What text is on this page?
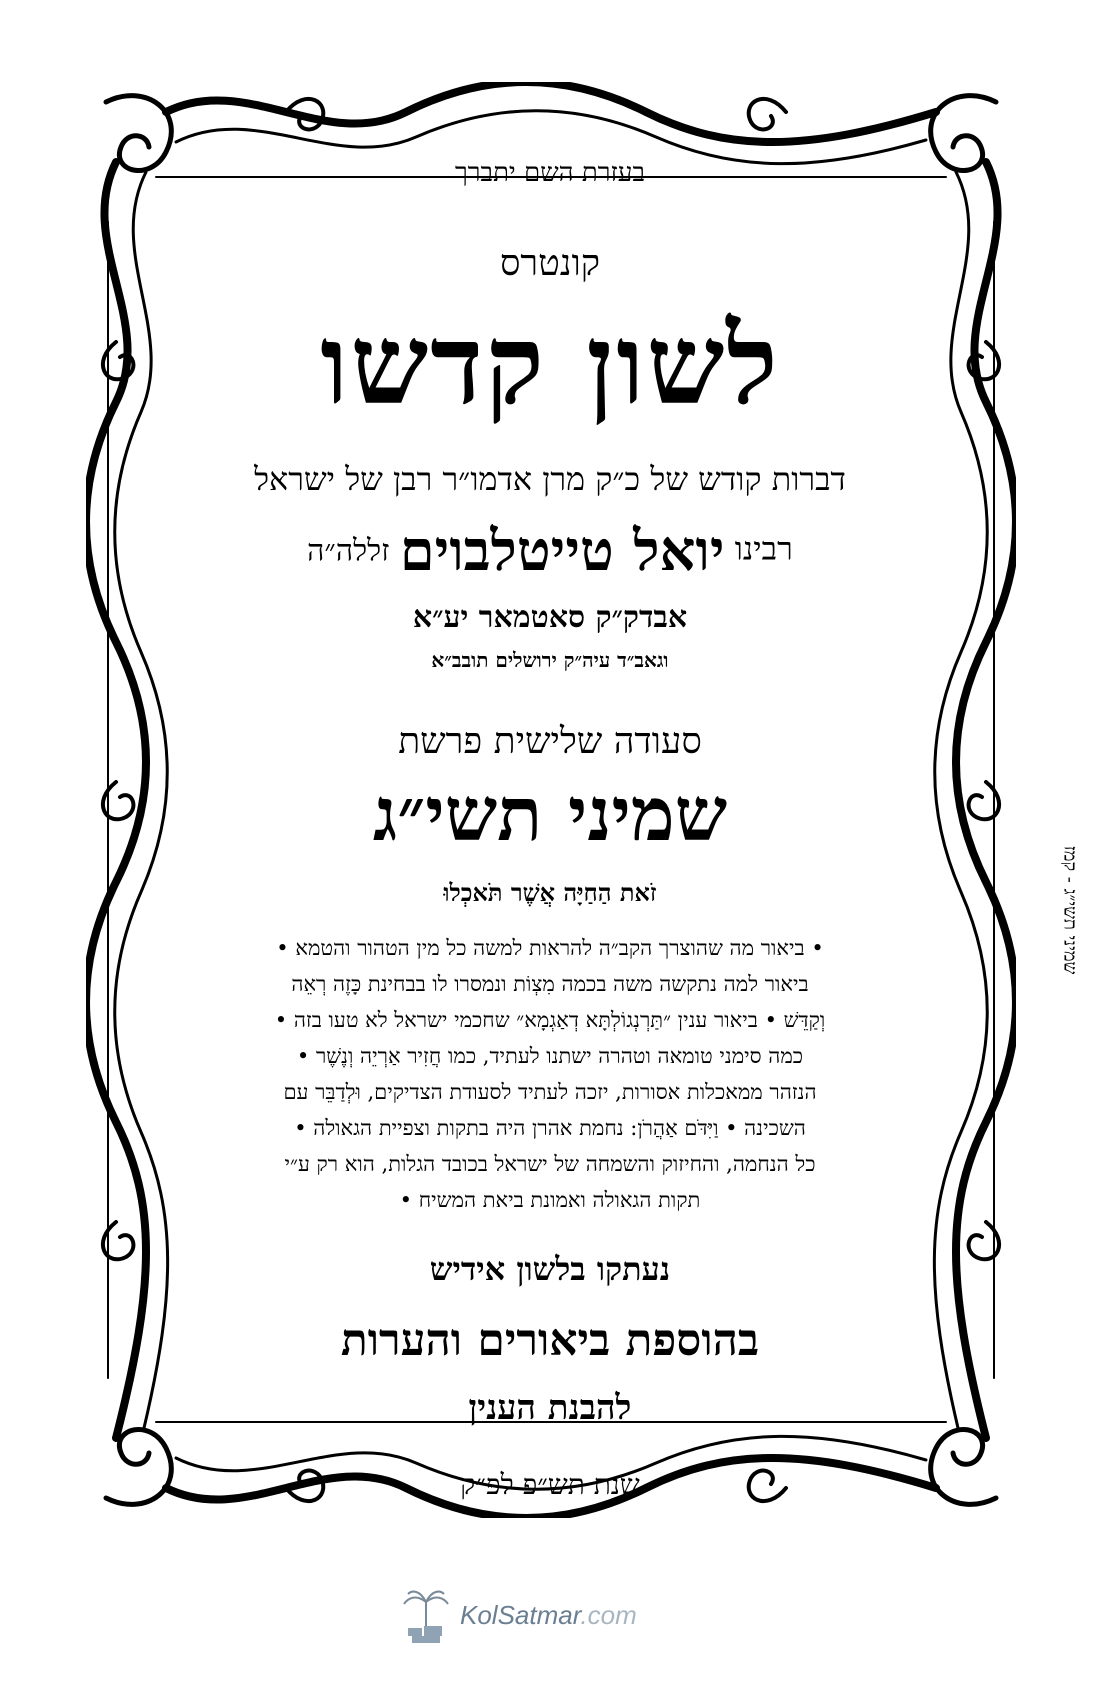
בעזרת השם יתברך
קונטרס
לשון קדשו
דברות קודש של כ״ק מרן אדמו״ר רבן של ישראל
רבינו יואל טייטלבוים זללה״ה
אבדק״ק סאטמאר יע״א
וגאב״ד עיה״ק ירושלים תובב״א
סעודה שלישית פרשת
שמיני תשי״ג
זֹאת הַחַיָּה אֲשֶׁר תֹּאכְלוּ
• ביאור מה שהוצרך הקב״ה להראות למשה כל מין הטהור והטמא •
ביאור למה נתקשה משה בכמה מִצְוֹת ונמסרו לו בבחינת כָּזֶה רְאֵה
וְקַדֵּשׁ • ביאור ענין ״תַּרְנְגוֹלְתָּא דְאַגְמָא״ שחכמי ישראל לא טעו בזה •
כמה סימני טומאה וטהרה ישתנו לעתיד, כמו חֲזִיר אַרְיֵה וְנֶשֶׁר •
הנזהר ממאכלות אסורות, יזכה לעתיד לסעודת הצדיקים, וּלְדַבֵּר עם
השכינה • וַיִּדֹּם אַהֲרֹן: נחמת אהרן היה בתקות וצפיית הגאולה •
כל הנחמה, והחיזוק והשמחה של ישראל בכובד הגלות, הוא רק ע״י
תקות הגאולה ואמונת ביאת המשיח •
נעתקו בלשון אידיש
בהוספת ביאורים והערות
להבנת הענין
שנת תש״פ לפ״ק
שמיני תשי״ג - קמז
KolSatmar.com
